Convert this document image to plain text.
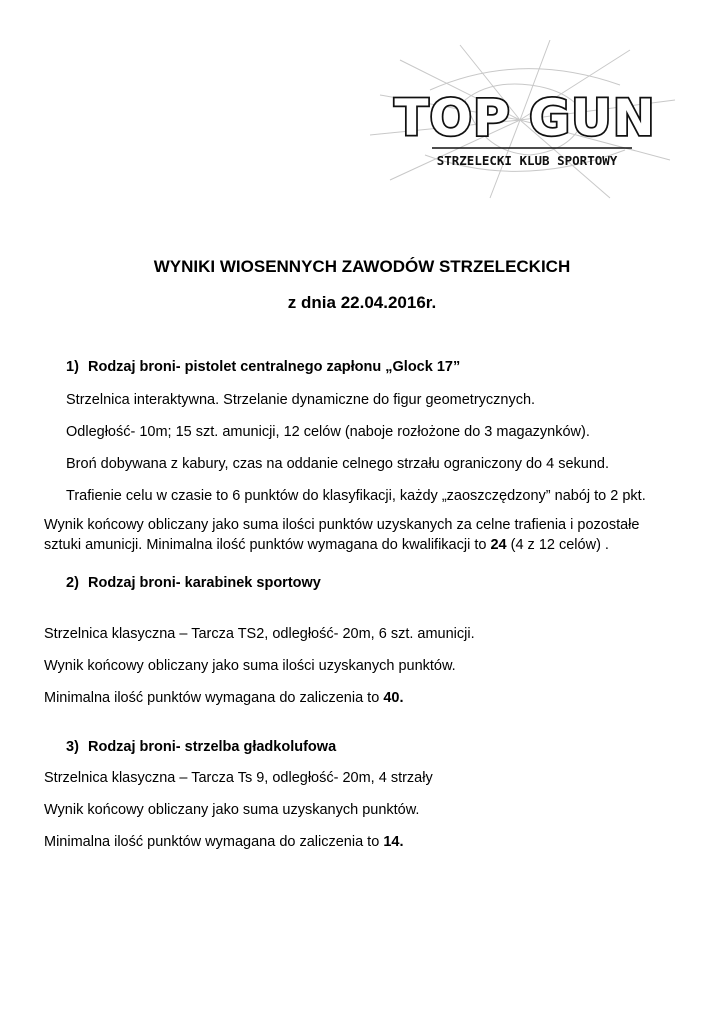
TOP GUN
STRZELECKI KLUB SPORTOWY
WYNIKI WIOSENNYCH ZAWODÓW STRZELECKICH
z dnia 22.04.2016r.
1) Rodzaj broni- pistolet centralnego zapłonu „Glock 17”
Strzelnica interaktywna. Strzelanie dynamiczne do figur geometrycznych.
Odległość- 10m; 15 szt. amunicji, 12 celów (naboje rozłożone do 3 magazynków).
Broń dobywana z kabury, czas na oddanie celnego strzału ograniczony do 4 sekund.
Trafienie celu w czasie to 6 punktów do klasyfikacji, każdy „zaoszczędzony” nabój to 2 pkt.
Wynik końcowy obliczany jako suma ilości punktów uzyskanych za celne trafienia i pozostałe
sztuki amunicji. Minimalna ilość punktów wymagana do kwalifikacji to 24 (4 z 12 celów) .
2) Rodzaj broni- karabinek sportowy
Strzelnica klasyczna – Tarcza TS2, odległość- 20m, 6 szt. amunicji.
Wynik końcowy obliczany jako suma ilości uzyskanych punktów.
Minimalna ilość punktów wymagana do zaliczenia to 40.
3) Rodzaj broni- strzelba gładkolufowa
Strzelnica klasyczna – Tarcza Ts 9, odległość- 20m, 4 strzały
Wynik końcowy obliczany jako suma uzyskanych punktów.
Minimalna ilość punktów wymagana do zaliczenia to 14.
